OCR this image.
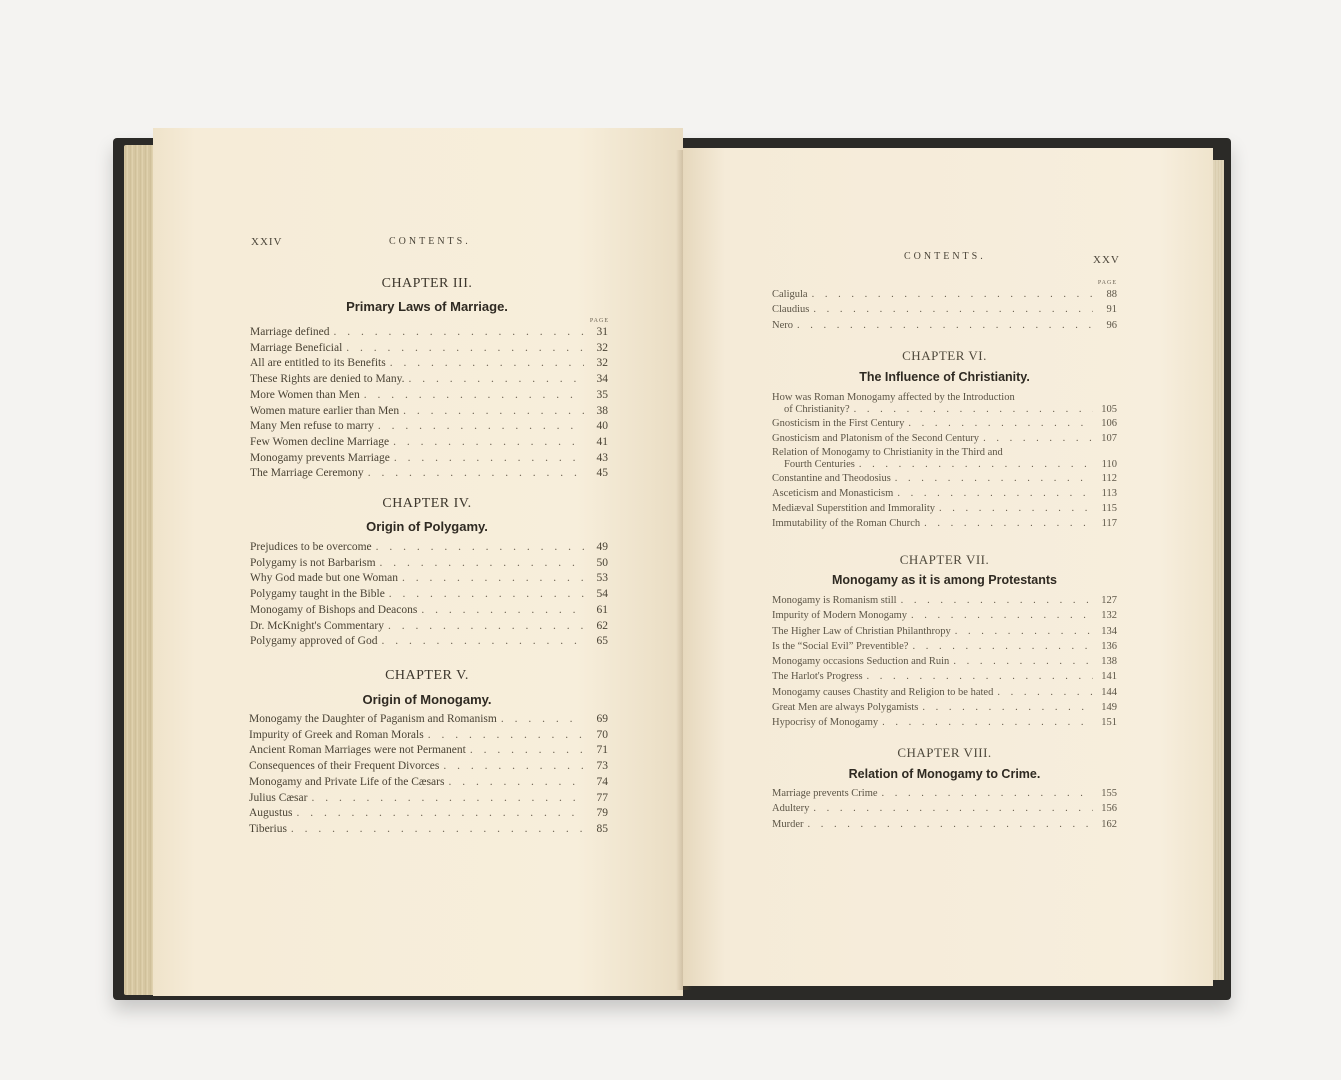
XXIV	CONTENTS.
CHAPTER III.
Primary Laws of Marriage.
PAGE
Marriage defined . . .	31
Marriage Beneficial . . .	32
All are entitled to its Benefits . . .	32
These Rights are denied to Many. . . .	34
More Women than Men . . .	35
Women mature earlier than Men . . .	38
Many Men refuse to marry . . .	40
Few Women decline Marriage . . .	41
Monogamy prevents Marriage . . .	43
The Marriage Ceremony . . .	45
CHAPTER IV.
Origin of Polygamy.
Prejudices to be overcome . . .	49
Polygamy is not Barbarism . . .	50
Why God made but one Woman . . .	53
Polygamy taught in the Bible . . .	54
Monogamy of Bishops and Deacons . . .	61
Dr. McKnight's Commentary . . .	62
Polygamy approved of God . . .	65
CHAPTER V.
Origin of Monogamy.
Monogamy the Daughter of Paganism and Romanism . . .	69
Impurity of Greek and Roman Morals . . .	70
Ancient Roman Marriages were not Permanent . . .	71
Consequences of their Frequent Divorces . . .	73
Monogamy and Private Life of the Cæsars . . .	74
Julius Cæsar . . .	77
Augustus . . .	79
Tiberius . . .	85
CONTENTS.	XXV
PAGE
Caligula . . .	88
Claudius . . .	91
Nero . . .	96
CHAPTER VI.
The Influence of Christianity.
How was Roman Monogamy affected by the Introduction
of Christianity? . . .	105
Gnosticism in the First Century . . .	106
Gnosticism and Platonism of the Second Century . . .	107
Relation of Monogamy to Christianity in the Third and
Fourth Centuries . . .	110
Constantine and Theodosius . . .	112
Asceticism and Monasticism . . .	113
Mediæval Superstition and Immorality . . .	115
Immutability of the Roman Church . . .	117
CHAPTER VII.
Monogamy as it is among Protestants
Monogamy is Romanism still . . .	127
Impurity of Modern Monogamy . . .	132
The Higher Law of Christian Philanthropy . . .	134
Is the “Social Evil” Preventible? . . .	136
Monogamy occasions Seduction and Ruin . . .	138
The Harlot's Progress . . .	141
Monogamy causes Chastity and Religion to be hated . . .	144
Great Men are always Polygamists . . .	149
Hypocrisy of Monogamy . . .	151
CHAPTER VIII.
Relation of Monogamy to Crime.
Marriage prevents Crime . . .	155
Adultery . . .	156
Murder . . .	162
